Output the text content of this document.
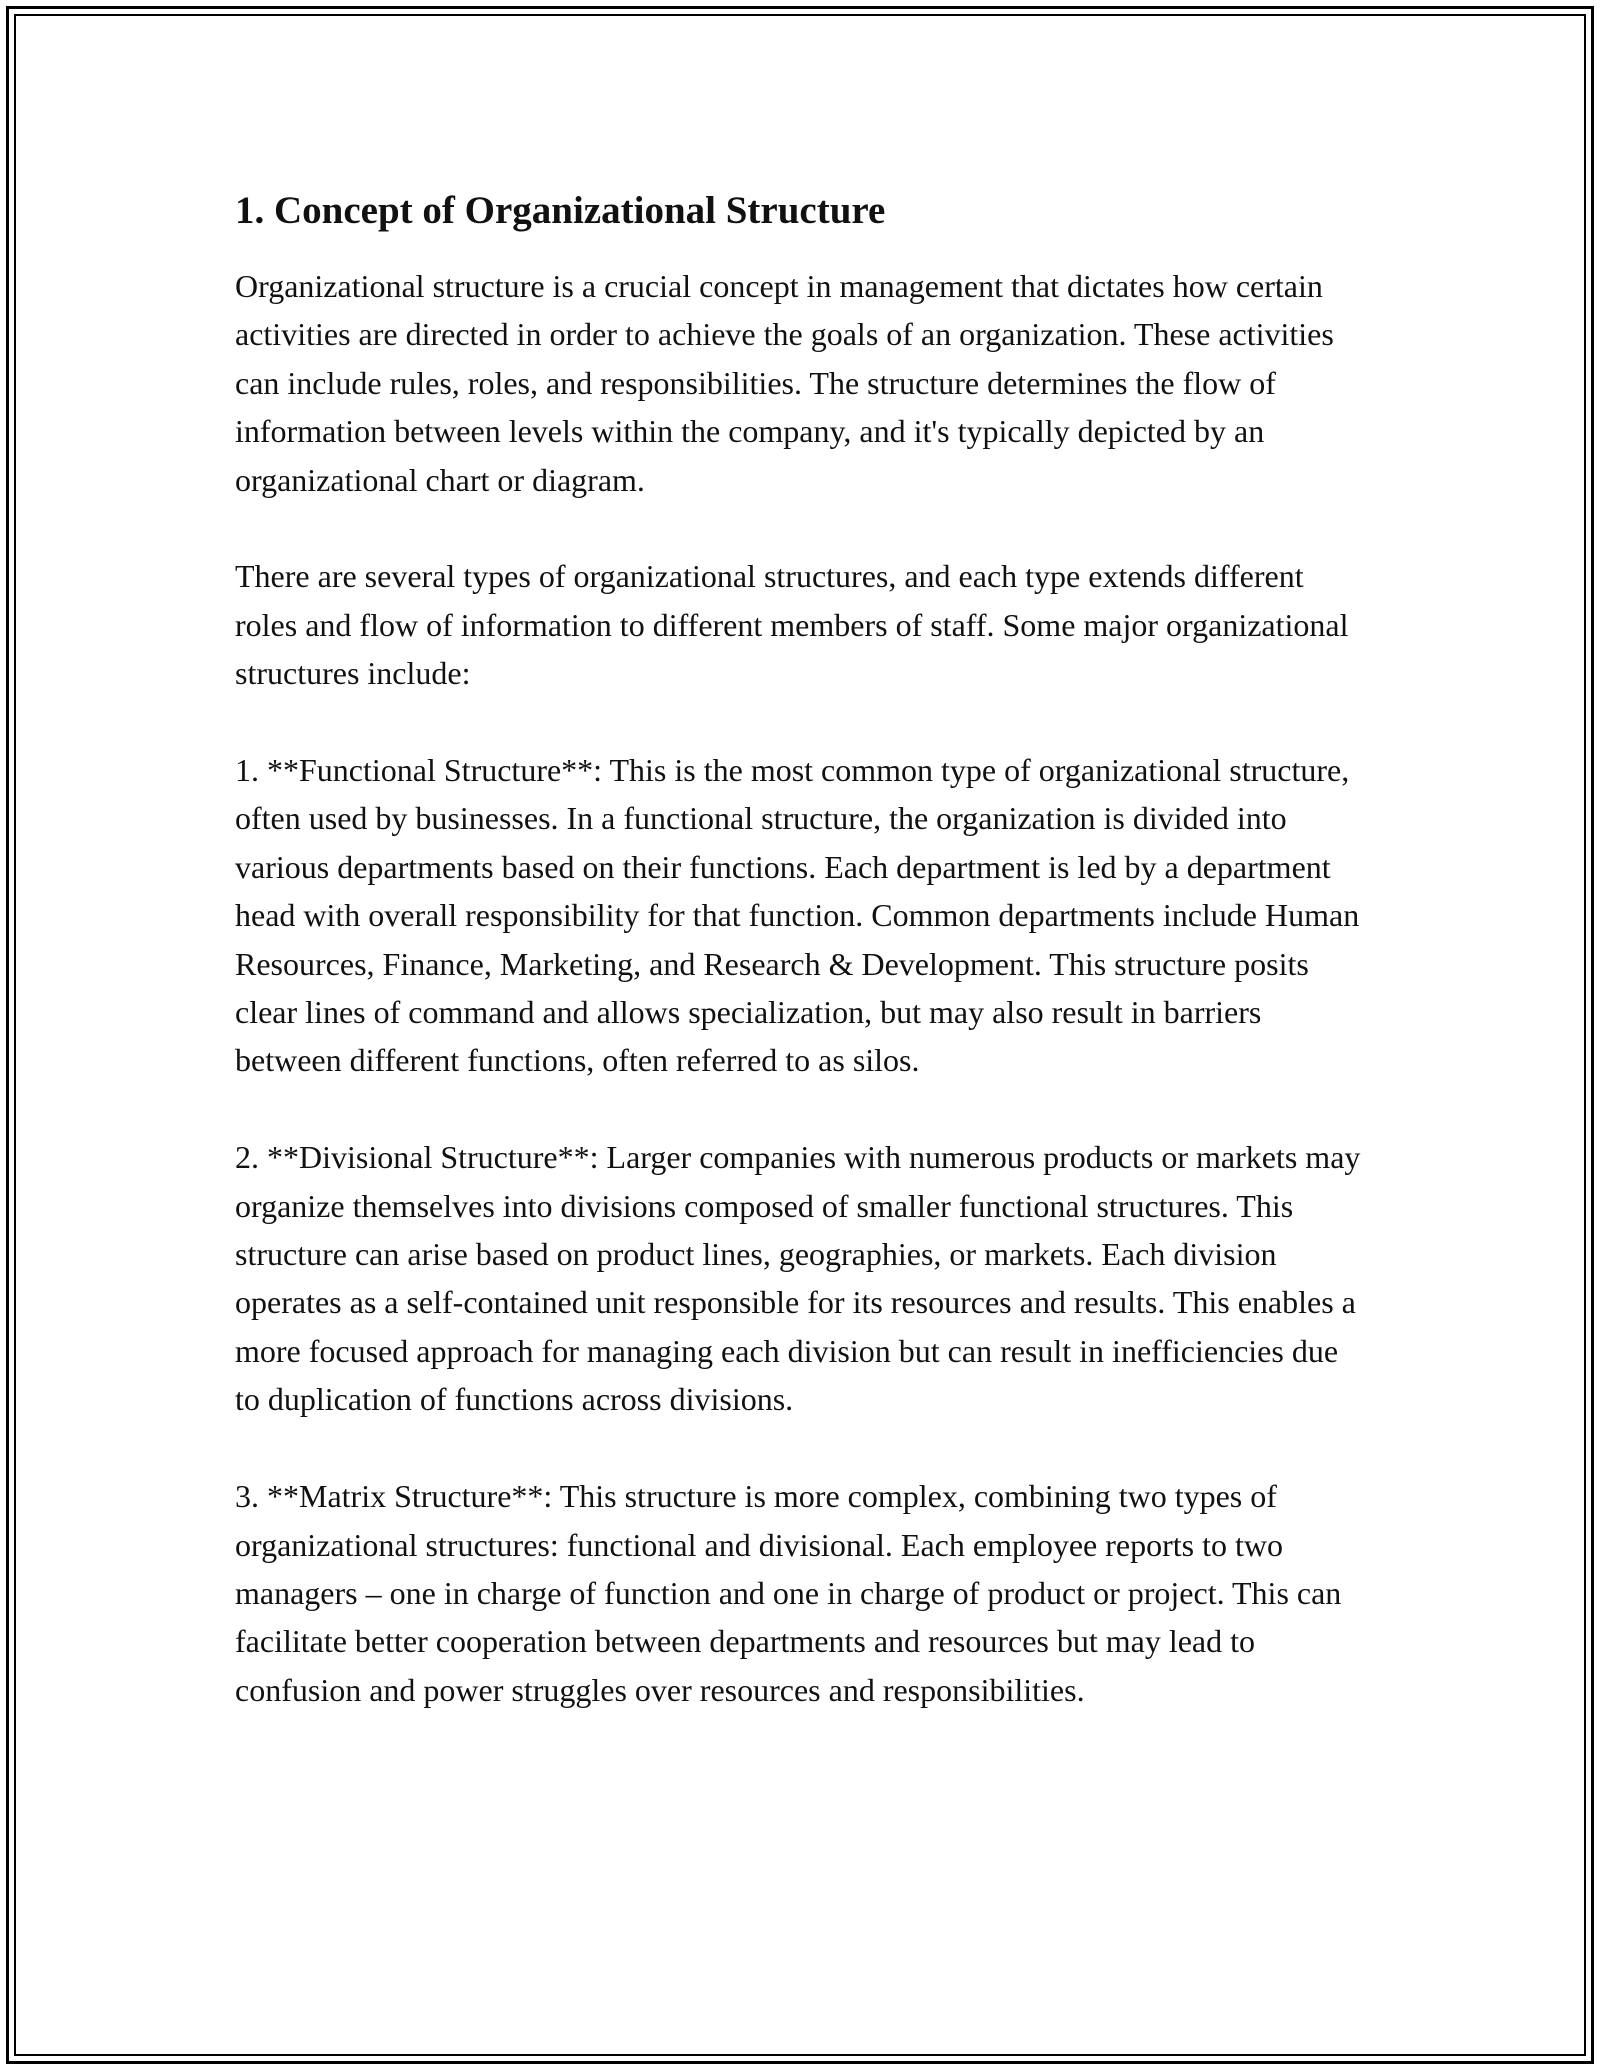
1. Concept of Organizational Structure

Organizational structure is a crucial concept in management that dictates how certain activities are directed in order to achieve the goals of an organization. These activities can include rules, roles, and responsibilities. The structure determines the flow of information between levels within the company, and it's typically depicted by an organizational chart or diagram.

There are several types of organizational structures, and each type extends different roles and flow of information to different members of staff. Some major organizational structures include:

1. **Functional Structure**: This is the most common type of organizational structure, often used by businesses. In a functional structure, the organization is divided into various departments based on their functions. Each department is led by a department head with overall responsibility for that function. Common departments include Human Resources, Finance, Marketing, and Research & Development. This structure posits clear lines of command and allows specialization, but may also result in barriers between different functions, often referred to as silos.

2. **Divisional Structure**: Larger companies with numerous products or markets may organize themselves into divisions composed of smaller functional structures. This structure can arise based on product lines, geographies, or markets. Each division operates as a self-contained unit responsible for its resources and results. This enables a more focused approach for managing each division but can result in inefficiencies due to duplication of functions across divisions.

3. **Matrix Structure**: This structure is more complex, combining two types of organizational structures: functional and divisional. Each employee reports to two managers – one in charge of function and one in charge of product or project. This can facilitate better cooperation between departments and resources but may lead to confusion and power struggles over resources and responsibilities.
